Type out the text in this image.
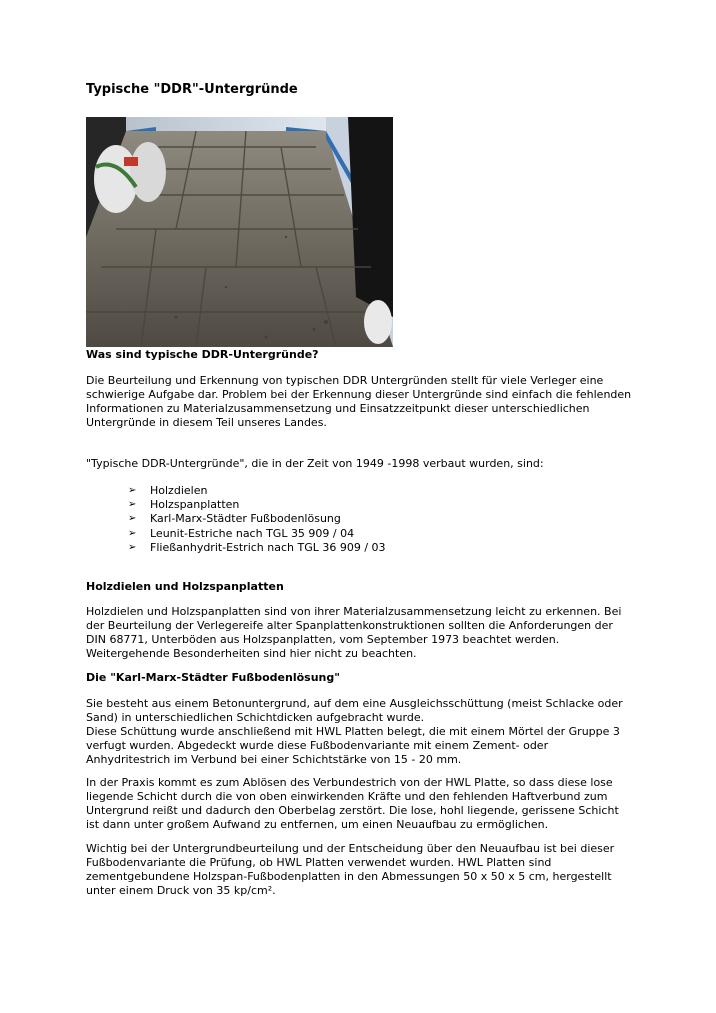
Typische "DDR"-Untergründe

Was sind typische DDR-Untergründe?

Die Beurteilung und Erkennung von typischen DDR Untergründen stellt für viele Verleger eine schwierige Aufgabe dar. Problem bei der Erkennung dieser Untergründe sind einfach die fehlenden Informationen zu Materialzusammensetzung und Einsatzzeitpunkt dieser unterschiedlichen Untergründe in diesem Teil unseres Landes.

"Typische DDR-Untergründe", die in der Zeit von 1949 -1998 verbaut wurden, sind:

➢ Holzdielen
➢ Holzspanplatten
➢ Karl-Marx-Städter Fußbodenlösung
➢ Leunit-Estriche nach TGL 35 909 / 04
➢ Fließanhydrit-Estrich nach TGL 36 909 / 03

Holzdielen und Holzspanplatten

Holzdielen und Holzspanplatten sind von ihrer Materialzusammensetzung leicht zu erkennen. Bei der Beurteilung der Verlegereife alter Spanplattenkonstruktionen sollten die Anforderungen der DIN 68771, Unterböden aus Holzspanplatten, vom September 1973 beachtet werden. Weitergehende Besonderheiten sind hier nicht zu beachten.

Die "Karl-Marx-Städter Fußbodenlösung"

Sie besteht aus einem Betonuntergrund, auf dem eine Ausgleichsschüttung (meist Schlacke oder Sand) in unterschiedlichen Schichtdicken aufgebracht wurde.

Diese Schüttung wurde anschließend mit HWL Platten belegt, die mit einem Mörtel der Gruppe 3 verfugt wurden. Abgedeckt wurde diese Fußbodenvariante mit einem Zement- oder Anhydritestrich im Verbund bei einer Schichtstärke von 15 - 20 mm.

In der Praxis kommt es zum Ablösen des Verbundestrich von der HWL Platte, so dass diese lose liegende Schicht durch die von oben einwirkenden Kräfte und den fehlenden Haftverbund zum Untergrund reißt und dadurch den Oberbelag zerstört. Die lose, hohl liegende, gerissene Schicht ist dann unter großem Aufwand zu entfernen, um einen Neuaufbau zu ermöglichen.

Wichtig bei der Untergrundbeurteilung und der Entscheidung über den Neuaufbau ist bei dieser Fußbodenvariante die Prüfung, ob HWL Platten verwendet wurden. HWL Platten sind zementgebundene Holzspan-Fußbodenplatten in den Abmessungen 50 x 50 x 5 cm, hergestellt unter einem Druck von 35 kp/cm².
